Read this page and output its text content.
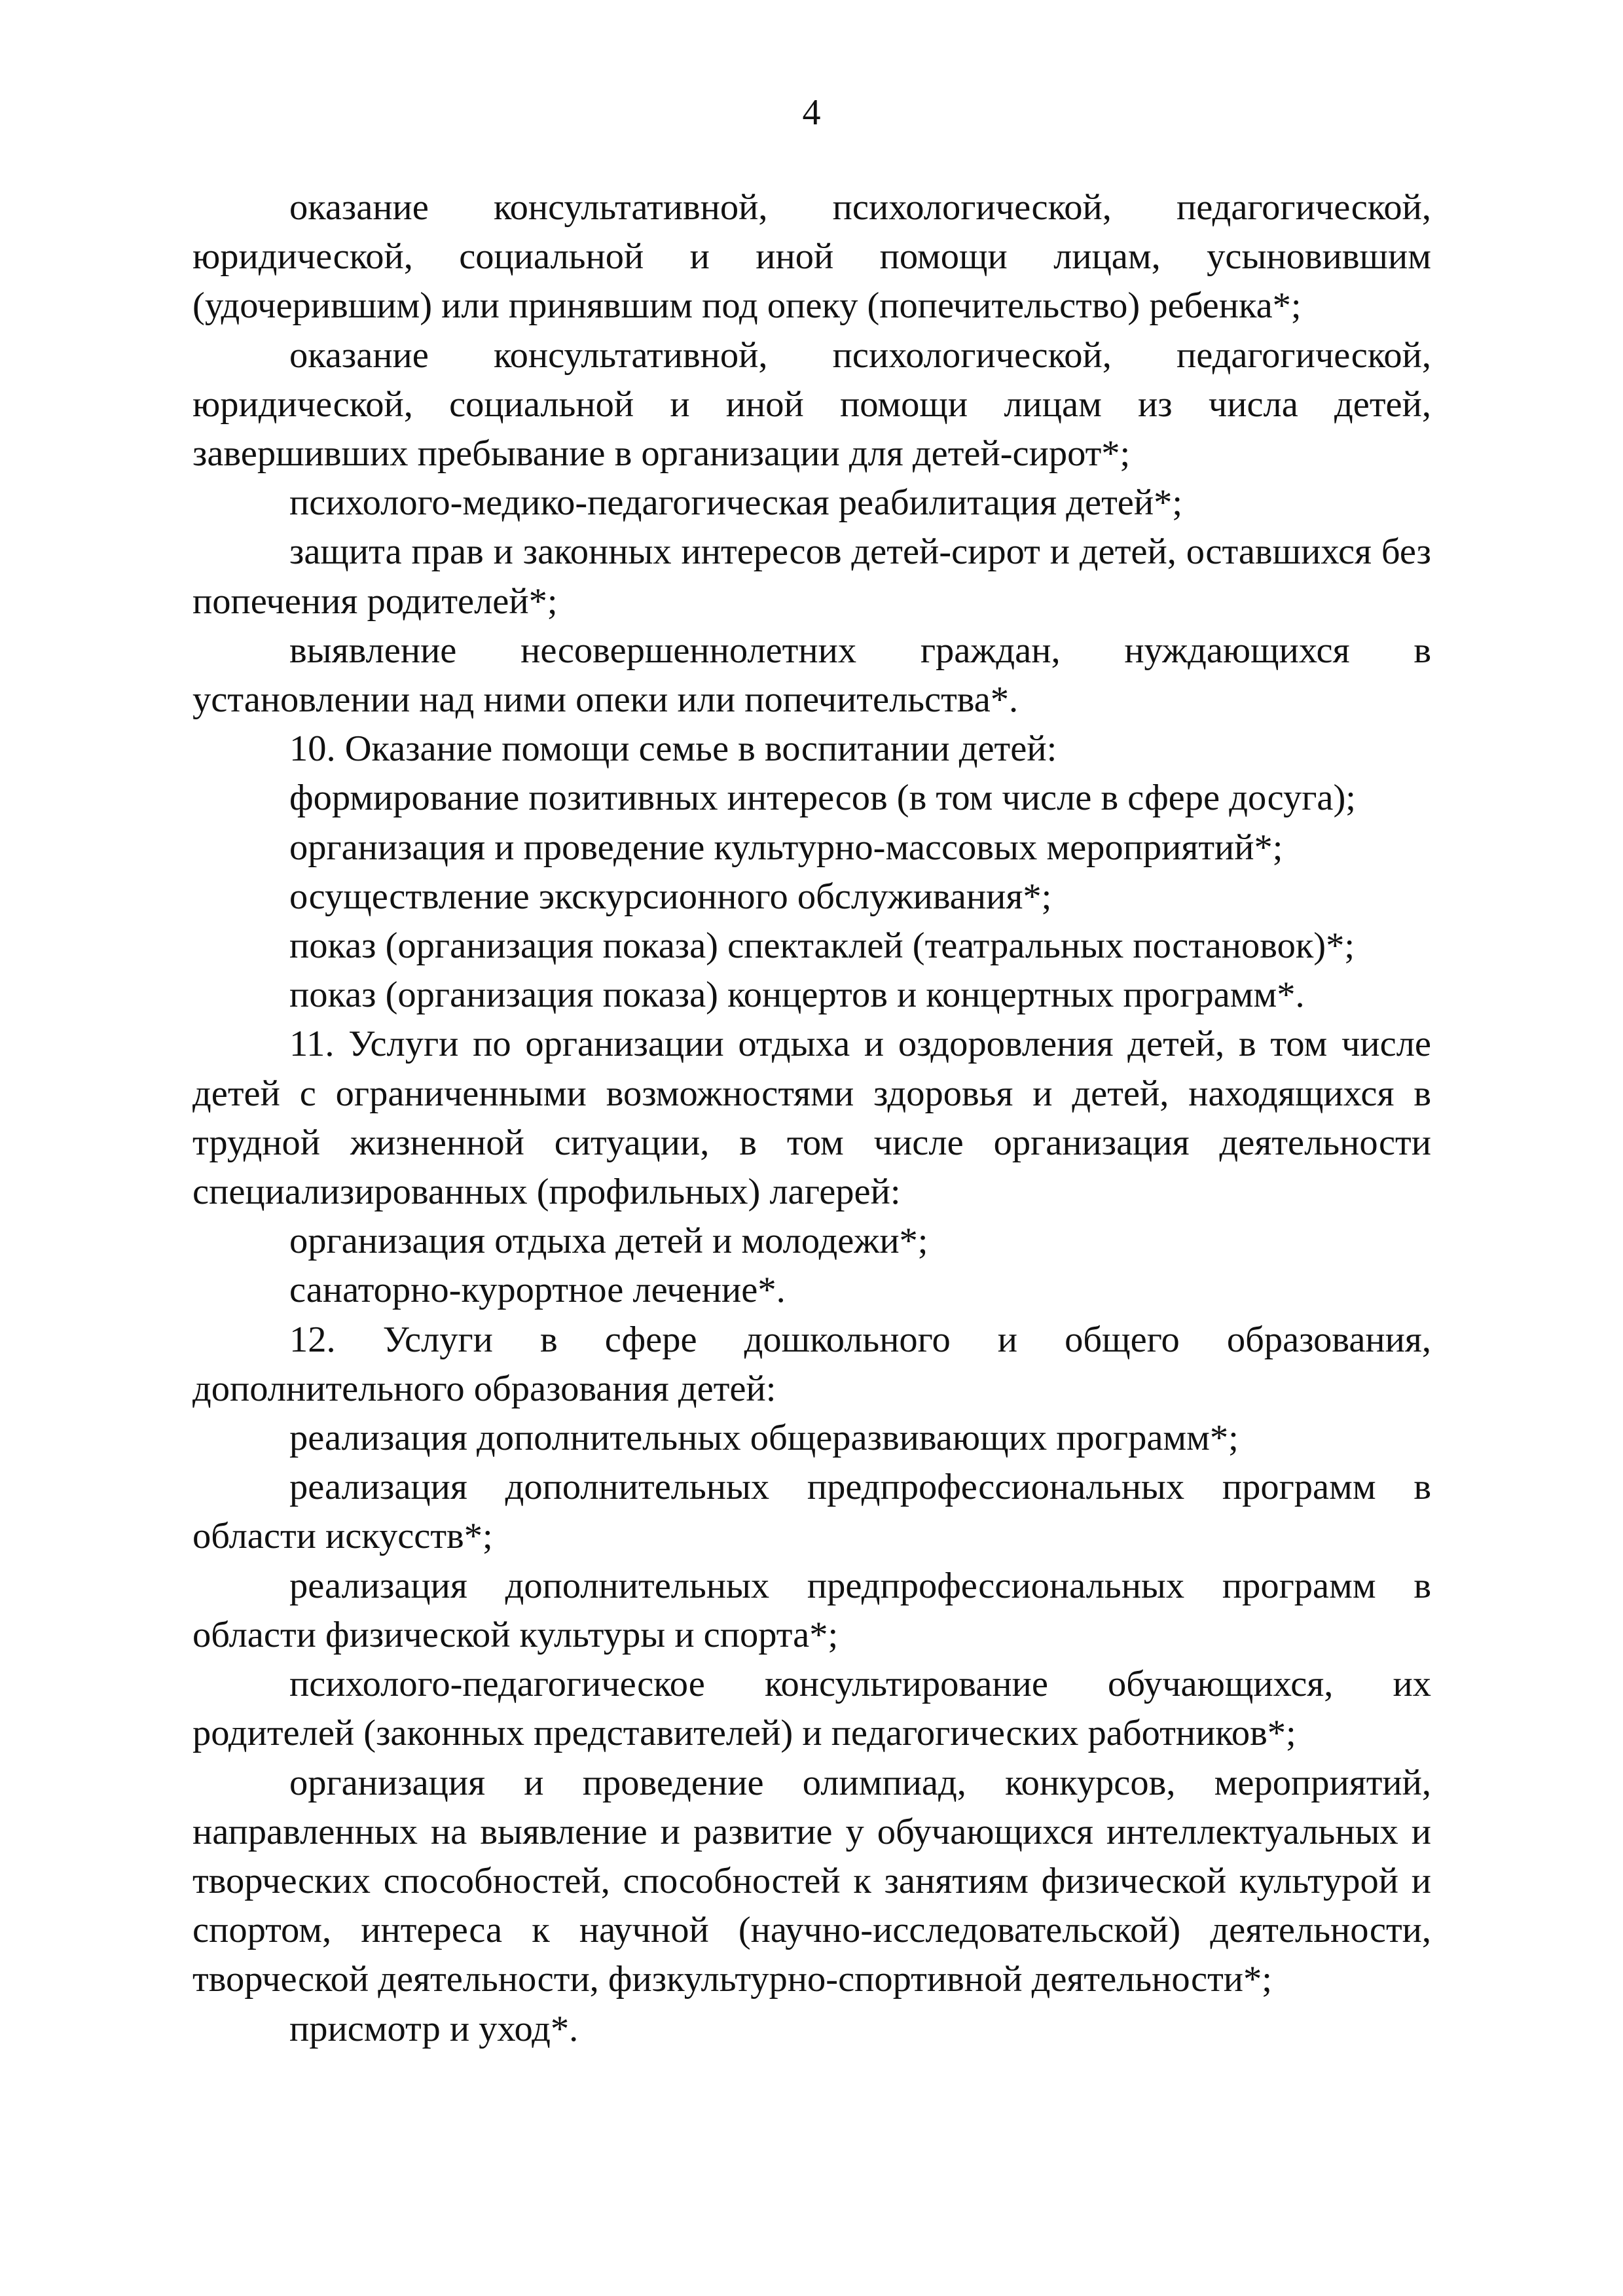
4

оказание консультативной, психологической, педагогической, юридической, социальной и иной помощи лицам, усыновившим (удочерившим) или принявшим под опеку (попечительство) ребенка*;

оказание консультативной, психологической, педагогической, юридической, социальной и иной помощи лицам из числа детей, завершивших пребывание в организации для детей-сирот*;

психолого-медико-педагогическая реабилитация детей*;

защита прав и законных интересов детей-сирот и детей, оставшихся без попечения родителей*;

выявление несовершеннолетних граждан, нуждающихся в установлении над ними опеки или попечительства*.

10. Оказание помощи семье в воспитании детей:

формирование позитивных интересов (в том числе в сфере досуга);

организация и проведение культурно-массовых мероприятий*;

осуществление экскурсионного обслуживания*;

показ (организация показа) спектаклей (театральных постановок)*;

показ (организация показа) концертов и концертных программ*.

11. Услуги по организации отдыха и оздоровления детей, в том числе детей с ограниченными возможностями здоровья и детей, находящихся в трудной жизненной ситуации, в том числе организация деятельности специализированных (профильных) лагерей:

организация отдыха детей и молодежи*;

санаторно-курортное лечение*.

12. Услуги в сфере дошкольного и общего образования, дополнительного образования детей:

реализация дополнительных общеразвивающих программ*;

реализация дополнительных предпрофессиональных программ в области искусств*;

реализация дополнительных предпрофессиональных программ в области физической культуры и спорта*;

психолого-педагогическое консультирование обучающихся, их родителей (законных представителей) и педагогических работников*;

организация и проведение олимпиад, конкурсов, мероприятий, направленных на выявление и развитие у обучающихся интеллектуальных и творческих способностей, способностей к занятиям физической культурой и спортом, интереса к научной (научно-исследовательской) деятельности, творческой деятельности, физкультурно-спортивной деятельности*;

присмотр и уход*.
